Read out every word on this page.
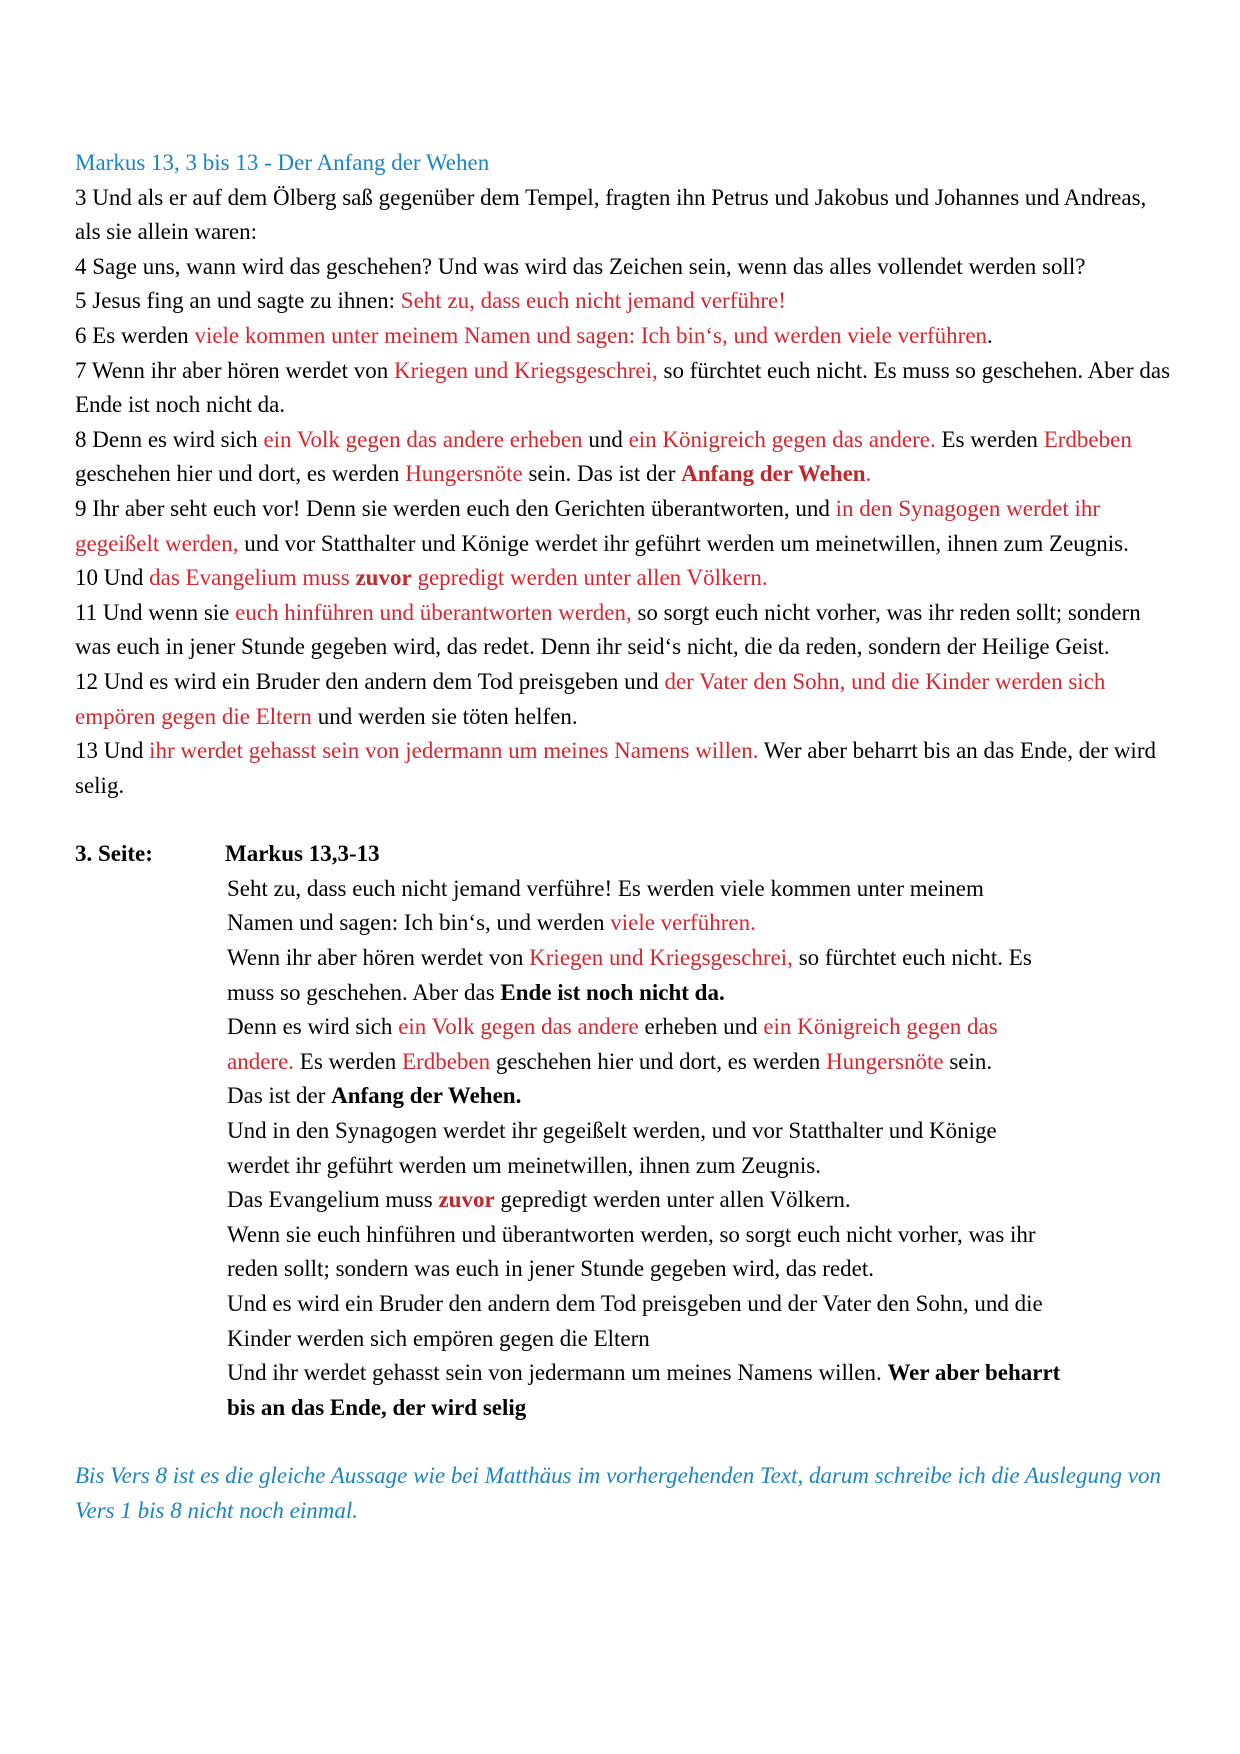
Markus 13, 3 bis 13 - Der Anfang der Wehen

3 Und als er auf dem Ölberg saß gegenüber dem Tempel, fragten ihn Petrus und Jakobus und Johannes und Andreas, als sie allein waren:

4 Sage uns, wann wird das geschehen? Und was wird das Zeichen sein, wenn das alles vollendet werden soll?

5 Jesus fing an und sagte zu ihnen: Seht zu, dass euch nicht jemand verführe!

6 Es werden viele kommen unter meinem Namen und sagen: Ich bin‘s, und werden viele verführen.

7 Wenn ihr aber hören werdet von Kriegen und Kriegsgeschrei, so fürchtet euch nicht. Es muss so geschehen. Aber das Ende ist noch nicht da.

8 Denn es wird sich ein Volk gegen das andere erheben und ein Königreich gegen das andere. Es werden Erdbeben geschehen hier und dort, es werden Hungersnöte sein. Das ist der Anfang der Wehen.

9 Ihr aber seht euch vor! Denn sie werden euch den Gerichten überantworten, und in den Synagogen werdet ihr gegeißelt werden, und vor Statthalter und Könige werdet ihr geführt werden um meinetwillen, ihnen zum Zeugnis.

10 Und das Evangelium muss zuvor gepredigt werden unter allen Völkern.

11 Und wenn sie euch hinführen und überantworten werden, so sorgt euch nicht vorher, was ihr reden sollt; sondern was euch in jener Stunde gegeben wird, das redet. Denn ihr seid‘s nicht, die da reden, sondern der Heilige Geist.

12 Und es wird ein Bruder den andern dem Tod preisgeben und der Vater den Sohn, und die Kinder werden sich empören gegen die Eltern und werden sie töten helfen.

13 Und ihr werdet gehasst sein von jedermann um meines Namens willen. Wer aber beharrt bis an das Ende, der wird selig.

3. Seite:	Markus 13,3-13
Seht zu, dass euch nicht jemand verführe! Es werden viele kommen unter meinem
Namen und sagen: Ich bin‘s, und werden viele verführen.
Wenn ihr aber hören werdet von Kriegen und Kriegsgeschrei, so fürchtet euch nicht. Es
muss so geschehen. Aber das Ende ist noch nicht da.
Denn es wird sich ein Volk gegen das andere erheben und ein Königreich gegen das
andere. Es werden Erdbeben geschehen hier und dort, es werden Hungersnöte sein.
Das ist der Anfang der Wehen.
Und in den Synagogen werdet ihr gegeißelt werden, und vor Statthalter und Könige
werdet ihr geführt werden um meinetwillen, ihnen zum Zeugnis.
Das Evangelium muss zuvor gepredigt werden unter allen Völkern.
Wenn sie euch hinführen und überantworten werden, so sorgt euch nicht vorher, was ihr
reden sollt; sondern was euch in jener Stunde gegeben wird, das redet.
Und es wird ein Bruder den andern dem Tod preisgeben und der Vater den Sohn, und die
Kinder werden sich empören gegen die Eltern
Und ihr werdet gehasst sein von jedermann um meines Namens willen. Wer aber beharrt
bis an das Ende, der wird selig
Bis Vers 8 ist es die gleiche Aussage wie bei Matthäus im vorhergehenden Text, darum schreibe ich die Auslegung von Vers 1 bis 8 nicht noch einmal.
